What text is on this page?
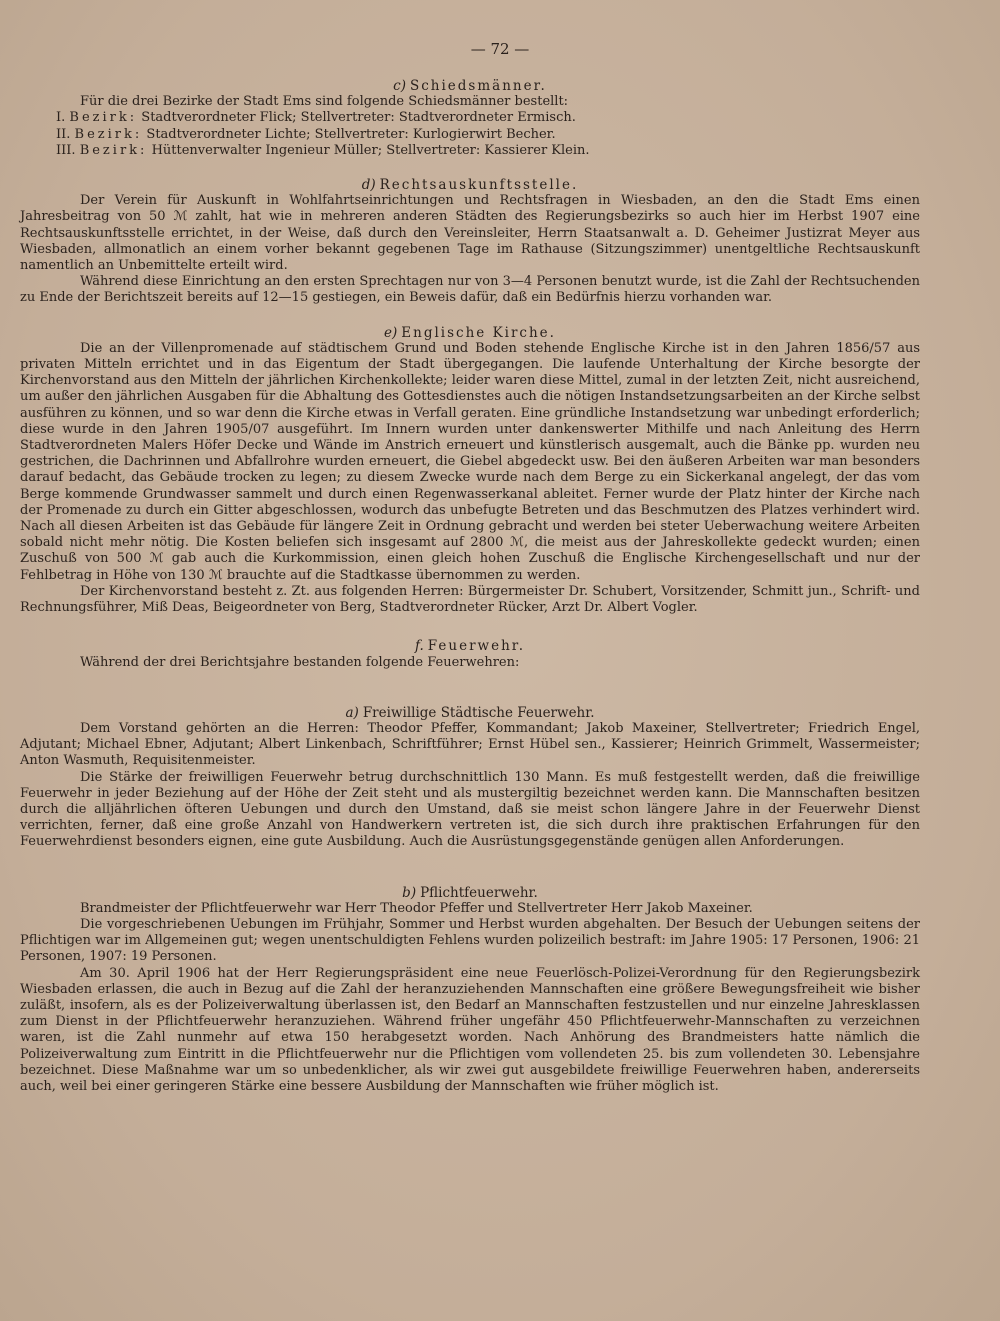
— 72 —
c) Schiedsmänner.

Für die drei Bezirke der Stadt Ems sind folgende Schiedsmänner bestellt:

I. Bezirk: Stadtverordneter Flick; Stellvertreter: Stadtverordneter Ermisch.
II. Bezirk: Stadtverordneter Lichte; Stellvertreter: Kurlogierwirt Becher.
III. Bezirk: Hüttenverwalter Ingenieur Müller; Stellvertreter: Kassierer Klein.
d) Rechtsauskunftsstelle.

Der Verein für Auskunft in Wohlfahrtseinrichtungen und Rechtsfragen in Wiesbaden, an den die Stadt Ems einen Jahresbeitrag von 50 ℳ zahlt, hat wie in mehreren anderen Städten des Regierungsbezirks so auch hier im Herbst 1907 eine Rechtsauskunftsstelle errichtet, in der Weise, daß durch den Vereinsleiter, Herrn Staatsanwalt a. D. Geheimer Justizrat Meyer aus Wiesbaden, allmonatlich an einem vorher bekannt gegebenen Tage im Rathause (Sitzungszimmer) unentgeltliche Rechtsauskunft namentlich an Unbemittelte erteilt wird.

Während diese Einrichtung an den ersten Sprechtagen nur von 3—4 Personen benutzt wurde, ist die Zahl der Rechtsuchenden zu Ende der Berichtszeit bereits auf 12—15 gestiegen, ein Beweis dafür, daß ein Bedürfnis hierzu vorhanden war.

e) Englische Kirche.

Die an der Villenpromenade auf städtischem Grund und Boden stehende Englische Kirche ist in den Jahren 1856/57 aus privaten Mitteln errichtet und in das Eigentum der Stadt übergegangen. Die laufende Unterhaltung der Kirche besorgte der Kirchenvorstand aus den Mitteln der jährlichen Kirchenkollekte; leider waren diese Mittel, zumal in der letzten Zeit, nicht ausreichend, um außer den jährlichen Ausgaben für die Abhaltung des Gottesdienstes auch die nötigen Instandsetzungsarbeiten an der Kirche selbst ausführen zu können, und so war denn die Kirche etwas in Verfall geraten. Eine gründliche Instandsetzung war unbedingt erforderlich; diese wurde in den Jahren 1905/07 ausgeführt. Im Innern wurden unter dankenswerter Mithilfe und nach Anleitung des Herrn Stadtverordneten Malers Höfer Decke und Wände im Anstrich erneuert und künstlerisch ausgemalt, auch die Bänke pp. wurden neu gestrichen, die Dachrinnen und Abfallrohre wurden erneuert, die Giebel abgedeckt usw. Bei den äußeren Arbeiten war man besonders darauf bedacht, das Gebäude trocken zu legen; zu diesem Zwecke wurde nach dem Berge zu ein Sickerkanal angelegt, der das vom Berge kommende Grundwasser sammelt und durch einen Regenwasserkanal ableitet. Ferner wurde der Platz hinter der Kirche nach der Promenade zu durch ein Gitter abgeschlossen, wodurch das unbefugte Betreten und das Beschmutzen des Platzes verhindert wird. Nach all diesen Arbeiten ist das Gebäude für längere Zeit in Ordnung gebracht und werden bei steter Ueberwachung weitere Arbeiten sobald nicht mehr nötig. Die Kosten beliefen sich insgesamt auf 2800 ℳ, die meist aus der Jahreskollekte gedeckt wurden; einen Zuschuß von 500 ℳ gab auch die Kurkommission, einen gleich hohen Zuschuß die Englische Kirchengesellschaft und nur der Fehlbetrag in Höhe von 130 ℳ brauchte auf die Stadtkasse übernommen zu werden.

Der Kirchenvorstand besteht z. Zt. aus folgenden Herren: Bürgermeister Dr. Schubert, Vorsitzender, Schmitt jun., Schrift- und Rechnungsführer, Miß Deas, Beigeordneter von Berg, Stadtverordneter Rücker, Arzt Dr. Albert Vogler.

f. Feuerwehr.

Während der drei Berichtsjahre bestanden folgende Feuerwehren:

a) Freiwillige Städtische Feuerwehr.

Dem Vorstand gehörten an die Herren: Theodor Pfeffer, Kommandant; Jakob Maxeiner, Stellvertreter; Friedrich Engel, Adjutant; Michael Ebner, Adjutant; Albert Linkenbach, Schriftführer; Ernst Hübel sen., Kassierer; Heinrich Grimmelt, Wassermeister; Anton Wasmuth, Requisitenmeister.

Die Stärke der freiwilligen Feuerwehr betrug durchschnittlich 130 Mann. Es muß festgestellt werden, daß die freiwillige Feuerwehr in jeder Beziehung auf der Höhe der Zeit steht und als mustergiltig bezeichnet werden kann. Die Mannschaften besitzen durch die alljährlichen öfteren Uebungen und durch den Umstand, daß sie meist schon längere Jahre in der Feuerwehr Dienst verrichten, ferner, daß eine große Anzahl von Handwerkern vertreten ist, die sich durch ihre praktischen Erfahrungen für den Feuerwehrdienst besonders eignen, eine gute Ausbildung. Auch die Ausrüstungsgegenstände genügen allen Anforderungen.

b) Pflichtfeuerwehr.

Brandmeister der Pflichtfeuerwehr war Herr Theodor Pfeffer und Stellvertreter Herr Jakob Maxeiner.

Die vorgeschriebenen Uebungen im Frühjahr, Sommer und Herbst wurden abgehalten. Der Besuch der Uebungen seitens der Pflichtigen war im Allgemeinen gut; wegen unentschuldigten Fehlens wurden polizeilich bestraft: im Jahre 1905: 17 Personen, 1906: 21 Personen, 1907: 19 Personen.

Am 30. April 1906 hat der Herr Regierungspräsident eine neue Feuerlösch-Polizei-Verordnung für den Regierungsbezirk Wiesbaden erlassen, die auch in Bezug auf die Zahl der heranzuziehenden Mannschaften eine größere Bewegungsfreiheit wie bisher zuläßt, insofern, als es der Polizeiverwaltung überlassen ist, den Bedarf an Mannschaften festzustellen und nur einzelne Jahresklassen zum Dienst in der Pflichtfeuerwehr heranzuziehen. Während früher ungefähr 450 Pflichtfeuerwehr-Mannschaften zu verzeichnen waren, ist die Zahl nunmehr auf etwa 150 herabgesetzt worden. Nach Anhörung des Brandmeisters hatte nämlich die Polizeiverwaltung zum Eintritt in die Pflichtfeuerwehr nur die Pflichtigen vom vollendeten 25. bis zum vollendeten 30. Lebensjahre bezeichnet. Diese Maßnahme war um so unbedenklicher, als wir zwei gut ausgebildete freiwillige Feuerwehren haben, andererseits auch, weil bei einer geringeren Stärke eine bessere Ausbildung der Mannschaften wie früher möglich ist.
